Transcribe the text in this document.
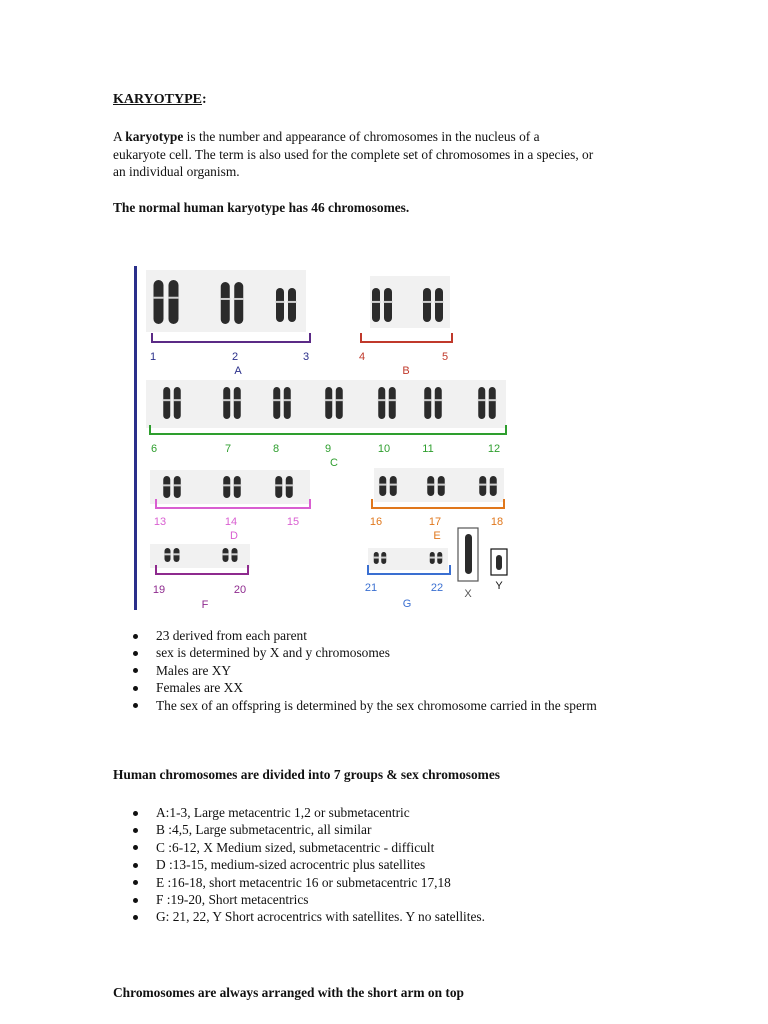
KARYOTYPE:
A karyotype is the number and appearance of chromosomes in the nucleus of a
eukaryote cell. The term is also used for the complete set of chromosomes in a species, or
an individual organism.
The normal human karyotype has 46 chromosomes.
1	2	3
A
4	5
B
6	7	8	9	10	11	12
C
13	14	15
D
16	17	18
E
19	20
F
21	22
G
X
Y
23 derived from each parent
sex is determined by X and y chromosomes
Males are XY
Females are XX
The sex of an offspring is determined by the sex chromosome carried in the sperm
Human chromosomes are divided into 7 groups & sex chromosomes
A:1-3, Large metacentric 1,2 or submetacentric
B :4,5, Large submetacentric, all similar
C :6-12, X Medium sized, submetacentric - difficult
D :13-15, medium-sized acrocentric plus satellites
E :16-18, short metacentric 16 or submetacentric 17,18
F :19-20, Short metacentrics
G: 21, 22, Y Short acrocentrics with satellites. Y no satellites.
Chromosomes are always arranged with the short arm on top
